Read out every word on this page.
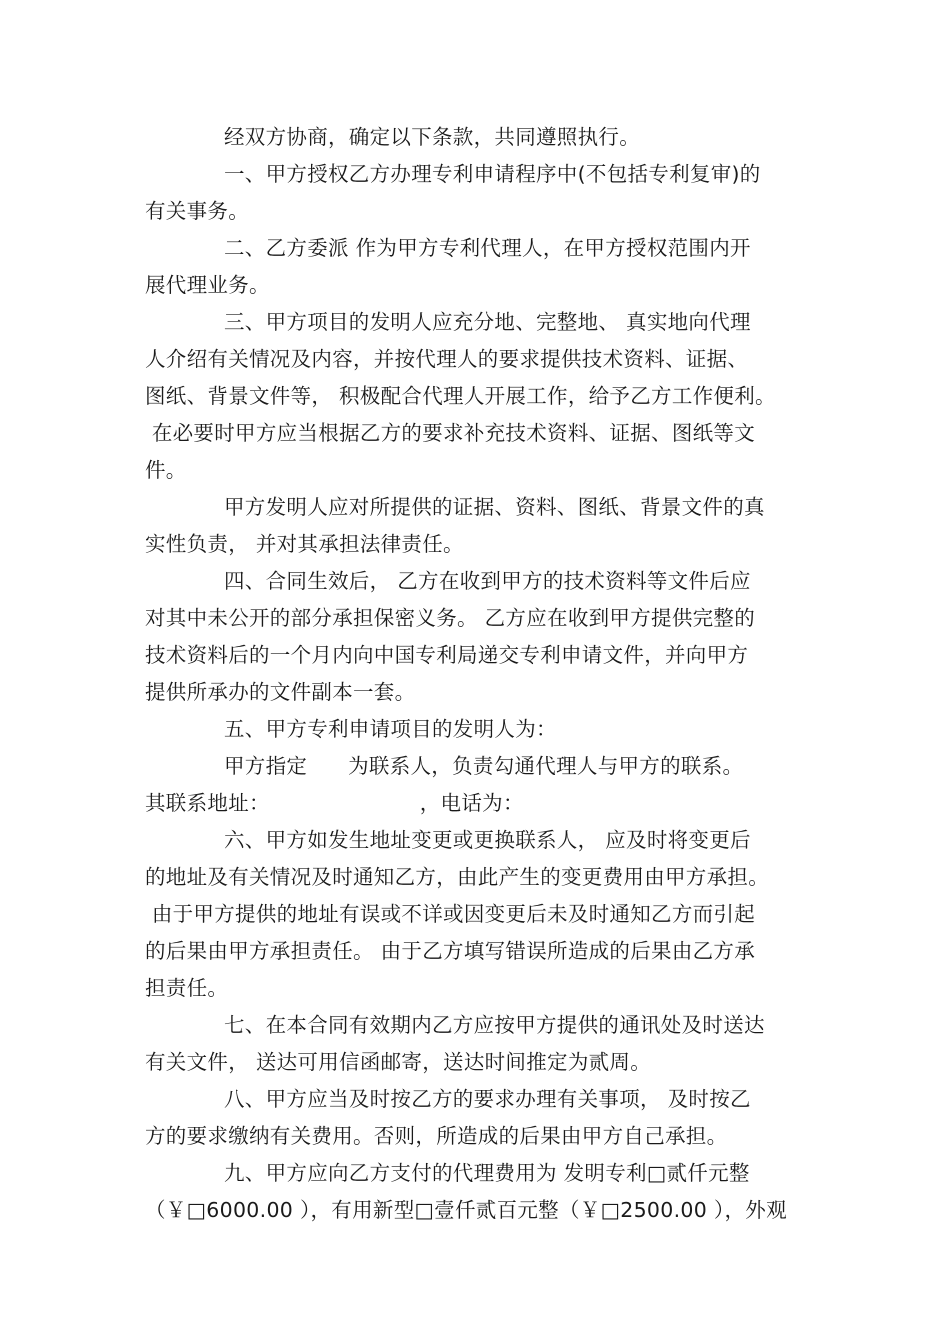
经双方协商，确定以下条款，共同遵照执行。
一、甲方授权乙方办理专利申请程序中(不包括专利复审)的
有关事务。
二、乙方委派 作为甲方专利代理人，在甲方授权范围内开
展代理业务。
三、甲方项目的发明人应充分地、完整地、 真实地向代理
人介绍有关情况及内容，并按代理人的要求提供技术资料、证据、
图纸、背景文件等， 积极配合代理人开展工作，给予乙方工作便利。
在必要时甲方应当根据乙方的要求补充技术资料、证据、图纸等文
件。
甲方发明人应对所提供的证据、资料、图纸、背景文件的真
实性负责， 并对其承担法律责任。
四、合同生效后， 乙方在收到甲方的技术资料等文件后应
对其中未公开的部分承担保密义务。 乙方应在收到甲方提供完整的
技术资料后的一个月内向中国专利局递交专利申请文件，并向甲方
提供所承办的文件副本一套。
五、甲方专利申请项目的发明人为：
甲方指定      为联系人，负责勾通代理人与甲方的联系。
其联系地址：                      ，电话为：
六、甲方如发生地址变更或更换联系人， 应及时将变更后
的地址及有关情况及时通知乙方，由此产生的变更费用由甲方承担。
由于甲方提供的地址有误或不详或因变更后未及时通知乙方而引起
的后果由甲方承担责任。 由于乙方填写错误所造成的后果由乙方承
担责任。
七、在本合同有效期内乙方应按甲方提供的通讯处及时送达
有关文件， 送达可用信函邮寄，送达时间推定为贰周。
八、甲方应当及时按乙方的要求办理有关事项， 及时按乙
方的要求缴纳有关费用。否则，所造成的后果由甲方自己承担。
九、甲方应向乙方支付的代理费用为 发明专利□贰仟元整
（￥□6000.00 ），有用新型□壹仟贰百元整（￥□2500.00 ），外观
